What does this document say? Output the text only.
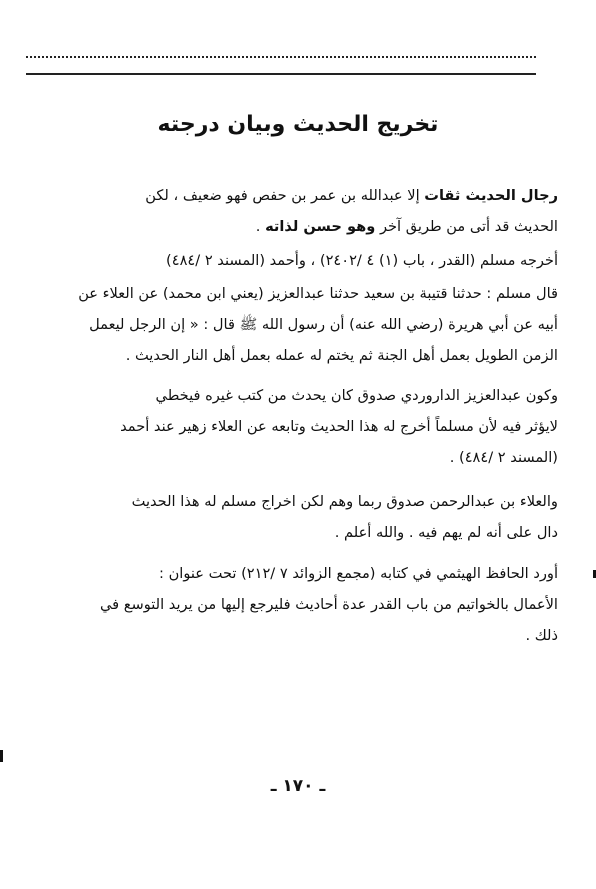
تخريج الحديث وبيان درجته
رجال الحديث ثقات إلا عبدالله بن عمر بن حفص فهو ضعيف ، لكن
الحديث قد أتى من طريق آخر وهو حسن لذاته .
أخرجه مسلم (القدر ، باب (١) ٤ /٢٤٠٢) ، وأحمد (المسند ٢ /٤٨٤)
قال مسلم : حدثنا قتيبة بن سعيد حدثنا عبدالعزيز (يعني ابن محمد) عن العلاء عن
أبيه عن أبي هريرة (رضي الله عنه) أن رسول الله ﷺ قال : « إن الرجل ليعمل
الزمن الطويل بعمل أهل الجنة ثم يختم له عمله بعمل أهل النار الحديث .
وكون عبدالعزيز الداروردي صدوق كان يحدث من كتب غيره فيخطي
لايؤثر فيه لأن مسلماً أخرج له هذا الحديث وتابعه عن العلاء زهير عند أحمد
(المسند ٢ /٤٨٤) .
والعلاء بن عبدالرحمن صدوق ربما وهم لكن اخراج مسلم له هذا الحديث
دال على أنه لم يهم فيه . والله أعلم .
أورد الحافظ الهيثمي في كتابه (مجمع الزوائد ٧ /٢١٢) تحت عنوان :
الأعمال بالخواتيم من باب القدر عدة أحاديث فليرجع إليها من يريد التوسع في
ذلك .
ـ ١٧٠ ـ
